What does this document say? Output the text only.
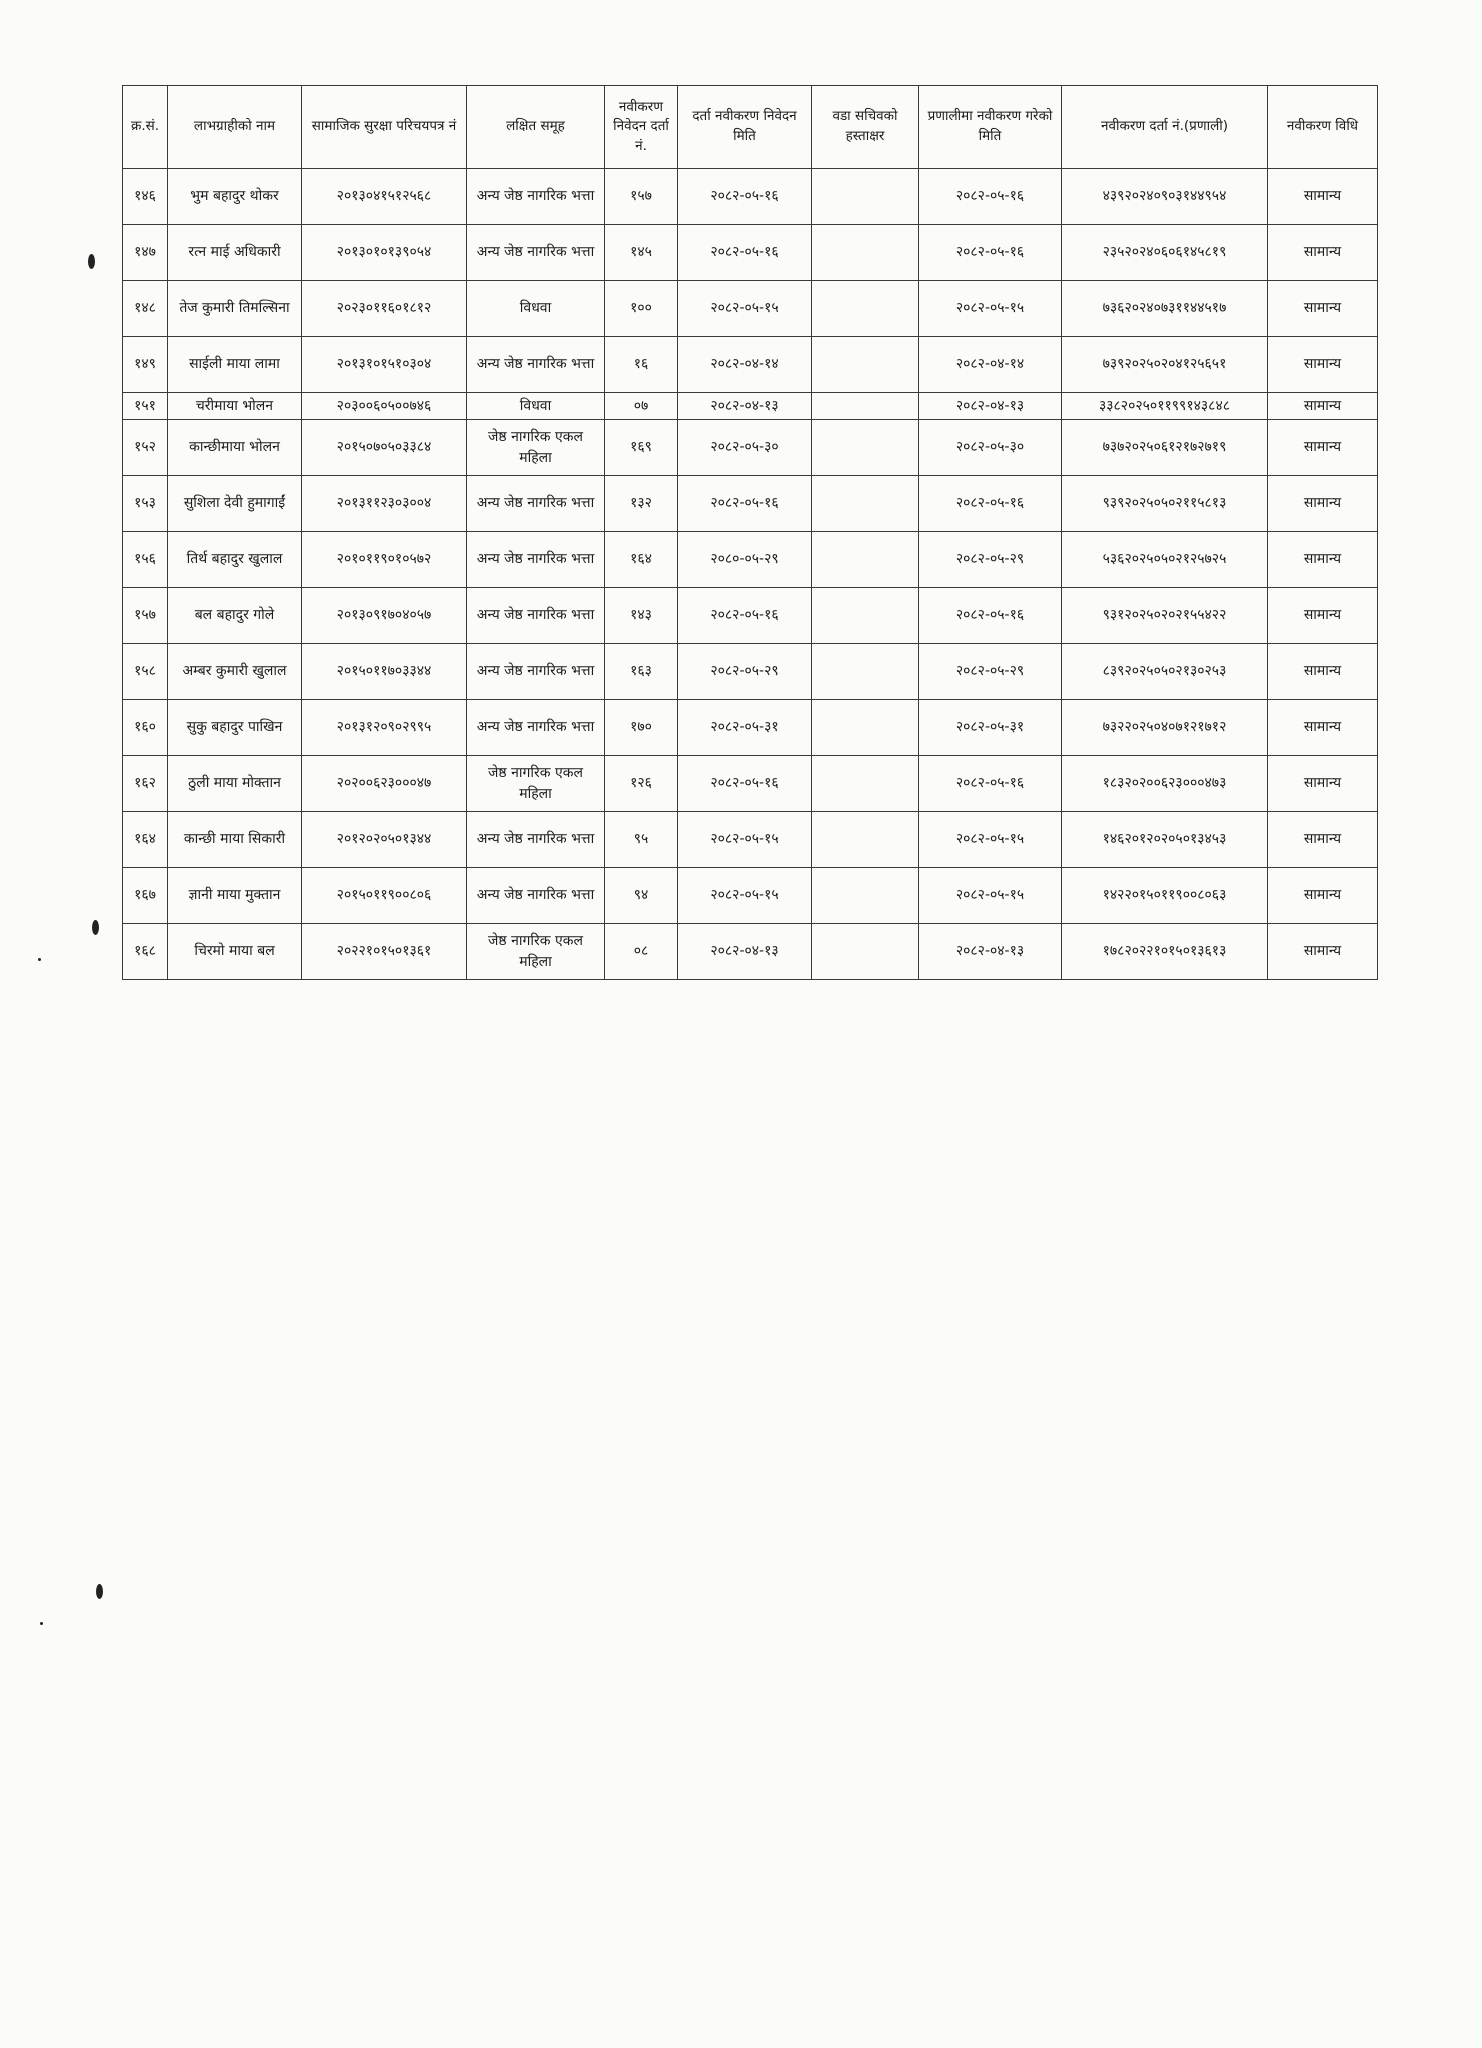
क्र.सं.	लाभग्राहीको नाम	सामाजिक सुरक्षा परिचयपत्र नं	लक्षित समूह	नवीकरण निवेदन दर्ता नं.	दर्ता नवीकरण निवेदन मिति	वडा सचिवको हस्ताक्षर	प्रणालीमा नवीकरण गरेको मिति	नवीकरण दर्ता नं.(प्रणाली)	नवीकरण विधि
१४६	भुम बहादुर थोकर	२०१३०४१५१२५६८	अन्य जेष्ठ नागरिक भत्ता	१५७	२०८२-०५-१६		२०८२-०५-१६	४३९२०२४०९०३१४४९५४	सामान्य
१४७	रत्न माई अधिकारी	२०१३०१०१३९०५४	अन्य जेष्ठ नागरिक भत्ता	१४५	२०८२-०५-१६		२०८२-०५-१६	२३५२०२४०६०६१४५८१९	सामान्य
१४८	तेज कुमारी तिमल्सिना	२०२३०११६०१८१२	विधवा	१००	२०८२-०५-१५		२०८२-०५-१५	७३६२०२४०७३११४४५१७	सामान्य
१४९	साईली माया लामा	२०१३१०१५१०३०४	अन्य जेष्ठ नागरिक भत्ता	१६	२०८२-०४-१४		२०८२-०४-१४	७३९२०२५०२०४१२५६५१	सामान्य
१५१	चरीमाया भोलन	२०३००६०५००७४६	विधवा	०७	२०८२-०४-१३		२०८२-०४-१३	३३८२०२५०११९९१४३८४८	सामान्य
१५२	कान्छीमाया भोलन	२०१५०७०५०३३८४	जेष्ठ नागरिक एकल महिला	१६९	२०८२-०५-३०		२०८२-०५-३०	७३७२०२५०६१२१७२७१९	सामान्य
१५३	सुशिला देवी हुमागाईं	२०१३११२३०३००४	अन्य जेष्ठ नागरिक भत्ता	१३२	२०८२-०५-१६		२०८२-०५-१६	९३९२०२५०५०२११५८१३	सामान्य
१५६	तिर्थ बहादुर खुलाल	२०१०११९०१०५७२	अन्य जेष्ठ नागरिक भत्ता	१६४	२०८०-०५-२९		२०८२-०५-२९	५३६२०२५०५०२१२५७२५	सामान्य
१५७	बल बहादुर गोले	२०१३०९१७०४०५७	अन्य जेष्ठ नागरिक भत्ता	१४३	२०८२-०५-१६		२०८२-०५-१६	९३१२०२५०२०२१५५४२२	सामान्य
१५८	अम्बर कुमारी खुलाल	२०१५०११७०३३४४	अन्य जेष्ठ नागरिक भत्ता	१६३	२०८२-०५-२९		२०८२-०५-२९	८३९२०२५०५०२१३०२५३	सामान्य
१६०	सुकु बहादुर पाखिन	२०१३१२०९०२९९५	अन्य जेष्ठ नागरिक भत्ता	१७०	२०८२-०५-३१		२०८२-०५-३१	७३२२०२५०४०७१२१७१२	सामान्य
१६२	ठुली माया मोक्तान	२०२००६२३०००४७	जेष्ठ नागरिक एकल महिला	१२६	२०८२-०५-१६		२०८२-०५-१६	१८३२०२००६२३०००४७३	सामान्य
१६४	कान्छी माया सिकारी	२०१२०२०५०१३४४	अन्य जेष्ठ नागरिक भत्ता	९५	२०८२-०५-१५		२०८२-०५-१५	१४६२०१२०२०५०१३४५३	सामान्य
१६७	ज्ञानी माया मुक्तान	२०१५०११९००८०६	अन्य जेष्ठ नागरिक भत्ता	९४	२०८२-०५-१५		२०८२-०५-१५	१४२२०१५०११९००८०६३	सामान्य
१६८	चिरमो माया बल	२०२२१०१५०१३६१	जेष्ठ नागरिक एकल महिला	०८	२०८२-०४-१३		२०८२-०४-१३	१७८२०२२१०१५०१३६१३	सामान्य
